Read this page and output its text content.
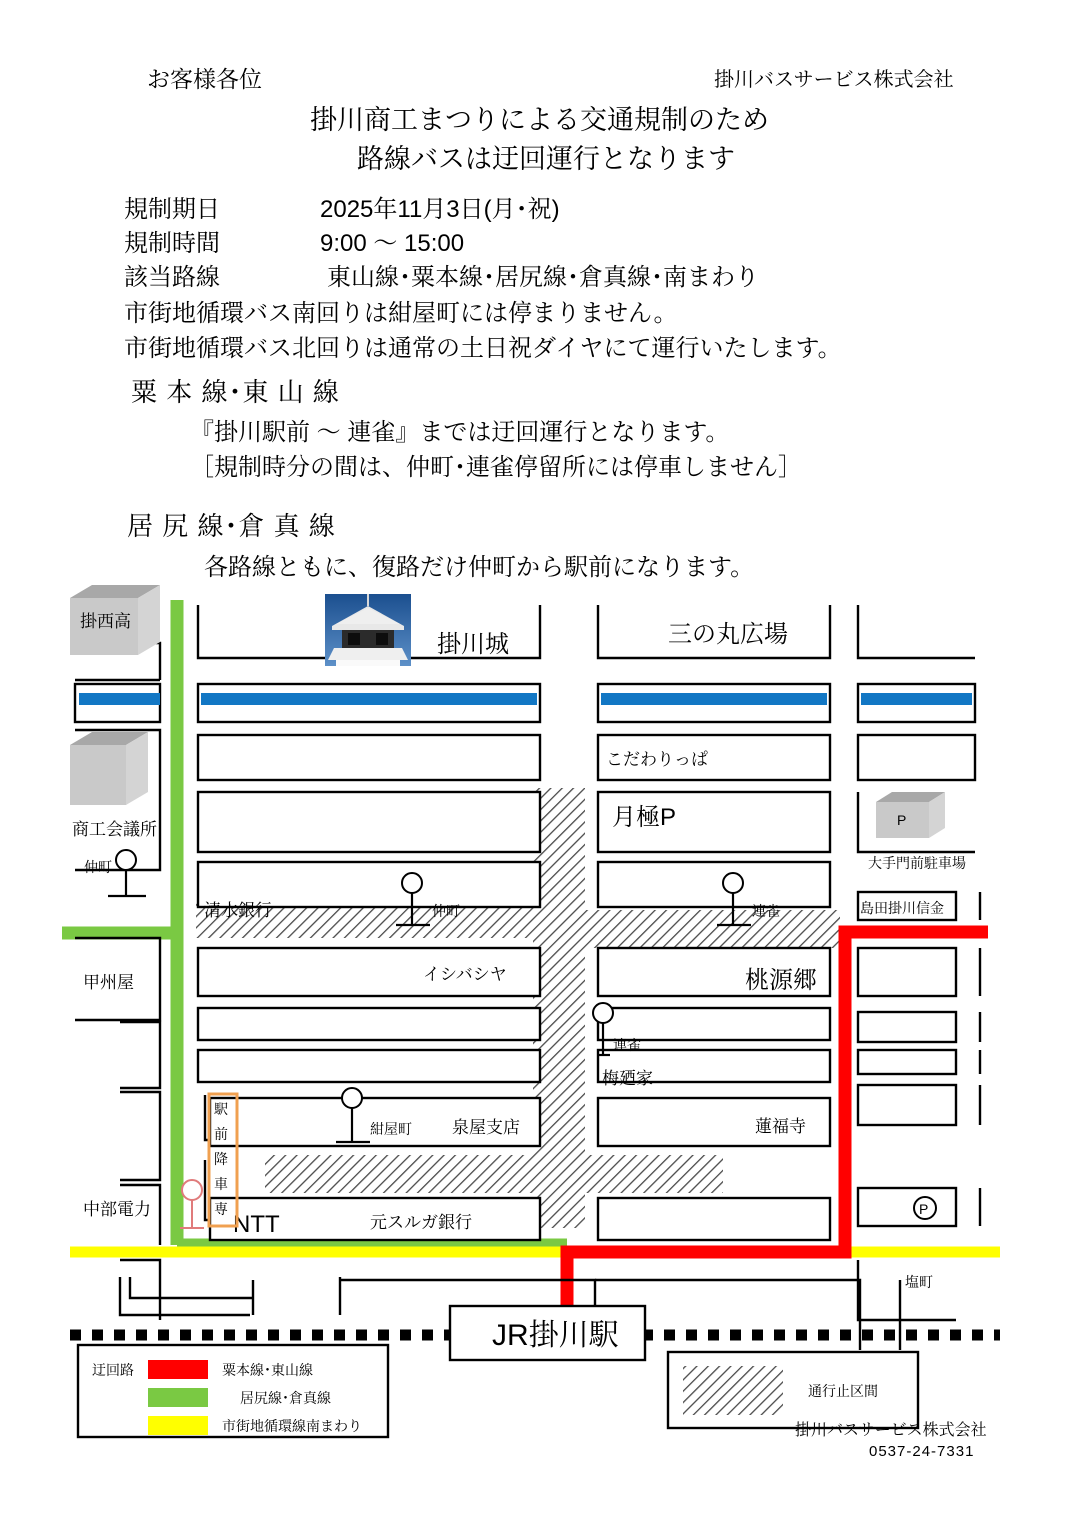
お客様各位	掛川バスサービス株式会社
掛川商工まつりによる交通規制のため
路線バスは迂回運行となります
規制期日	2025年11月3日(月･祝)
規制時間	9:00 ～ 15:00
該当路線	東山線･粟本線･居尻線･倉真線･南まわり
市街地循環バス南回りは紺屋町には停まりません。
市街地循環バス北回りは通常の土日祝ダイヤにて運行いたします。
粟 本 線･東 山 線
『掛川駅前 ～ 連雀』までは迂回運行となります。
［規制時分の間は、仲町･連雀停留所には停車しません］
居 尻 線･倉 真 線
各路線ともに、復路だけ仲町から駅前になります。
P
掛西高
商工会議所
甲州屋
中部電力
掛川城	三の丸広場
こだわりっぱ
月極P
清水銀行
イシバシヤ	桃源郷
梅廼家
泉屋支店	蓮福寺
元スルガ銀行
NTT
大手門前駐車場
島田掛川信金
塩町
P
仲町
仲町	連雀
連雀
紺屋町
駅
前
降
車
専
JR掛川駅
迂回路	粟本線･東山線
居尻線･倉真線
市街地循環線南まわり
通行止区間
掛川バスサービス株式会社
0537-24-7331
